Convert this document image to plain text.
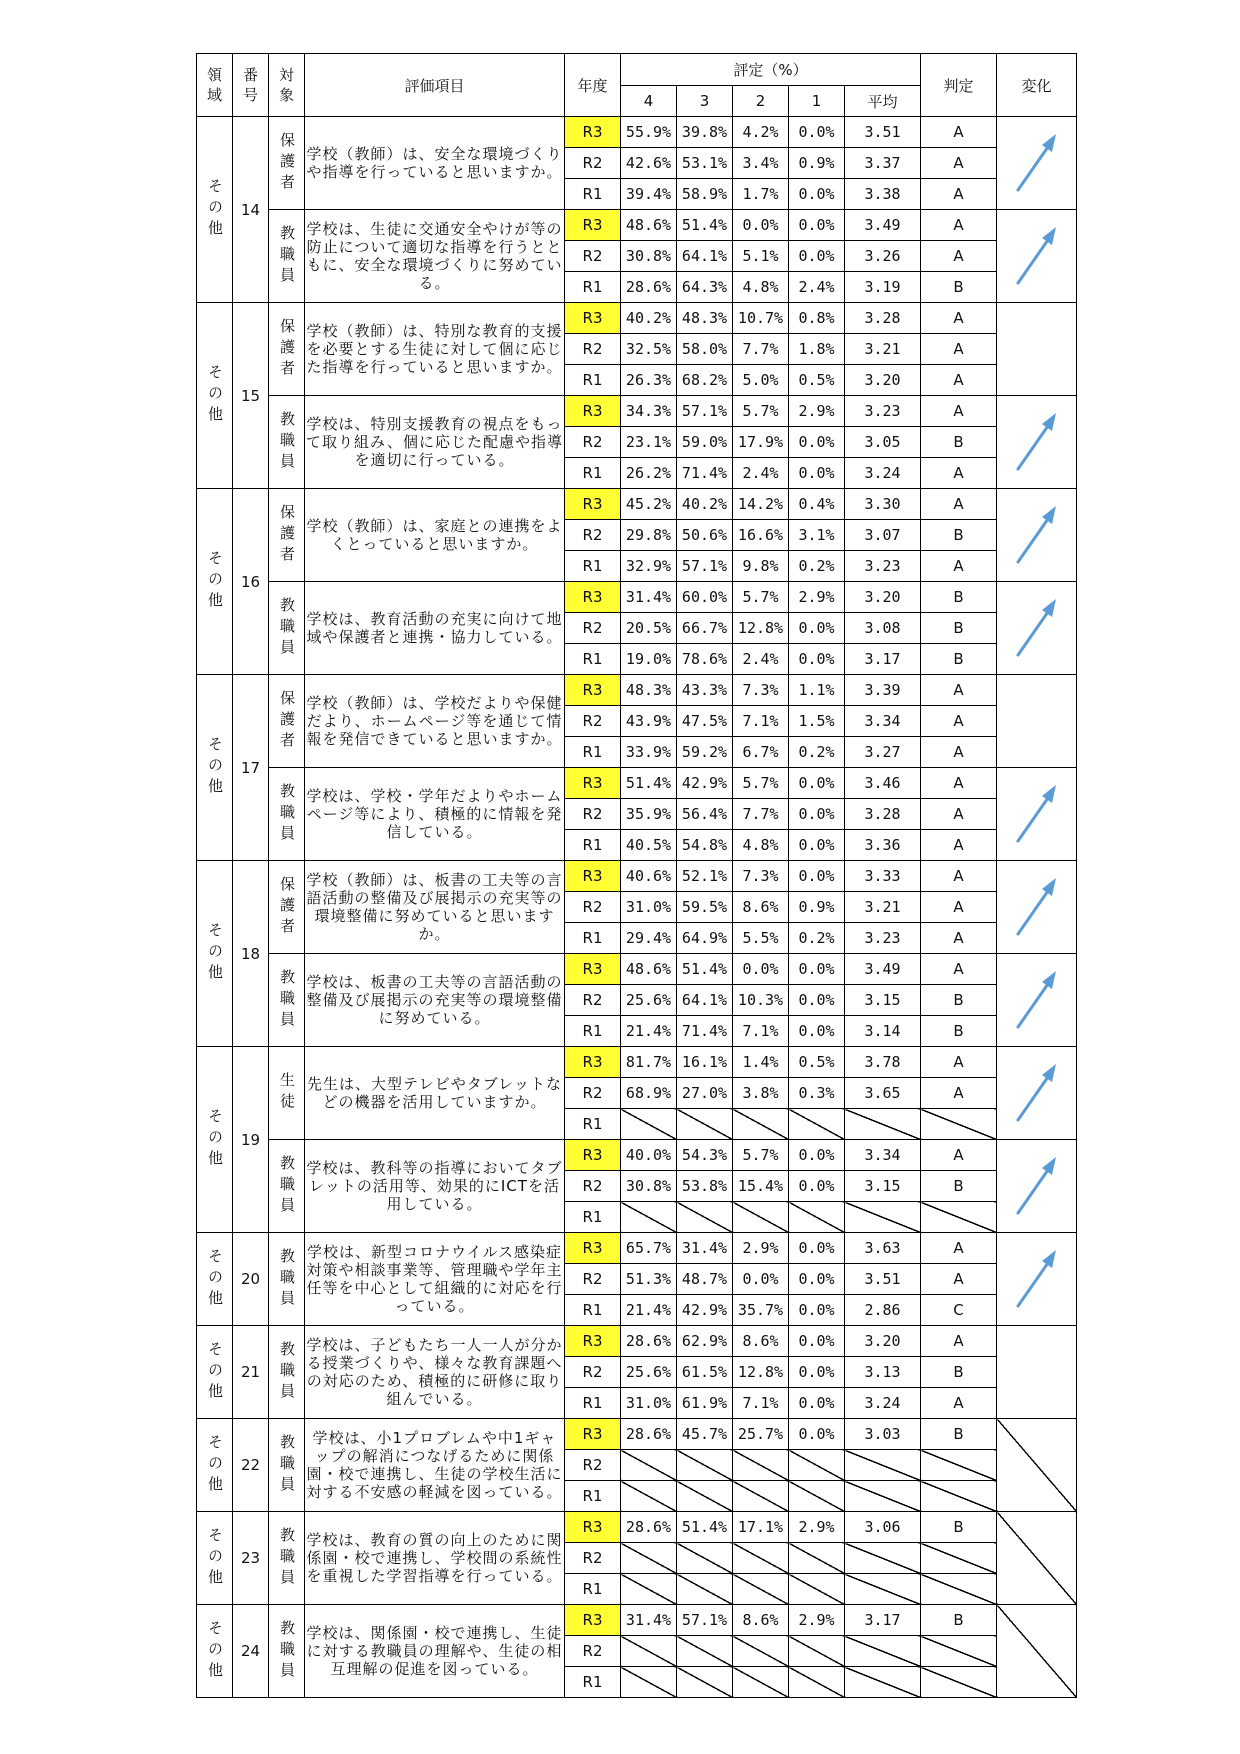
領域	番号	対象	評価項目	年度	評定（%）					判定	変化
					4	3	2	1	平均		
その他	14	保護者	学校（教師）は、安全な環境づくりや指導を行っていると思いますか。	R3	55.9%	39.8%	4.2%	0.0%	3.51	A	

				R2	42.6%	53.1%	3.4%	0.9%	3.37	A	
				R1	39.4%	58.9%	1.7%	0.0%	3.38	A	
		教職員	学校は、生徒に交通安全やけが等の防止について適切な指導を行うとともに、安全な環境づくりに努めている。	R3	48.6%	51.4%	0.0%	0.0%	3.49	A	

				R2	30.8%	64.1%	5.1%	0.0%	3.26	A	
				R1	28.6%	64.3%	4.8%	2.4%	3.19	B	
その他	15	保護者	学校（教師）は、特別な教育的支援を必要とする生徒に対して個に応じた指導を行っていると思いますか。	R3	40.2%	48.3%	10.7%	0.8%	3.28	A	
				R2	32.5%	58.0%	7.7%	1.8%	3.21	A	
				R1	26.3%	68.2%	5.0%	0.5%	3.20	A	
		教職員	学校は、特別支援教育の視点をもって取り組み、個に応じた配慮や指導を適切に行っている。	R3	34.3%	57.1%	5.7%	2.9%	3.23	A	

				R2	23.1%	59.0%	17.9%	0.0%	3.05	B	
				R1	26.2%	71.4%	2.4%	0.0%	3.24	A	
その他	16	保護者	学校（教師）は、家庭との連携をよくとっていると思いますか。	R3	45.2%	40.2%	14.2%	0.4%	3.30	A	

				R2	29.8%	50.6%	16.6%	3.1%	3.07	B	
				R1	32.9%	57.1%	9.8%	0.2%	3.23	A	
		教職員	学校は、教育活動の充実に向けて地域や保護者と連携・協力している。	R3	31.4%	60.0%	5.7%	2.9%	3.20	B	

				R2	20.5%	66.7%	12.8%	0.0%	3.08	B	
				R1	19.0%	78.6%	2.4%	0.0%	3.17	B	
その他	17	保護者	学校（教師）は、学校だよりや保健だより、ホームページ等を通じて情報を発信できていると思いますか。	R3	48.3%	43.3%	7.3%	1.1%	3.39	A	
				R2	43.9%	47.5%	7.1%	1.5%	3.34	A	
				R1	33.9%	59.2%	6.7%	0.2%	3.27	A	
		教職員	学校は、学校・学年だよりやホームページ等により、積極的に情報を発信している。	R3	51.4%	42.9%	5.7%	0.0%	3.46	A	

				R2	35.9%	56.4%	7.7%	0.0%	3.28	A	
				R1	40.5%	54.8%	4.8%	0.0%	3.36	A	
その他	18	保護者	学校（教師）は、板書の工夫等の言語活動の整備及び展掲示の充実等の環境整備に努めていると思いますか。	R3	40.6%	52.1%	7.3%	0.0%	3.33	A	

				R2	31.0%	59.5%	8.6%	0.9%	3.21	A	
				R1	29.4%	64.9%	5.5%	0.2%	3.23	A	
		教職員	学校は、板書の工夫等の言語活動の整備及び展掲示の充実等の環境整備に努めている。	R3	48.6%	51.4%	0.0%	0.0%	3.49	A	

				R2	25.6%	64.1%	10.3%	0.0%	3.15	B	
				R1	21.4%	71.4%	7.1%	0.0%	3.14	B	
その他	19	生徒	先生は、大型テレビやタブレットなどの機器を活用していますか。	R3	81.7%	16.1%	1.4%	0.5%	3.78	A	

				R2	68.9%	27.0%	3.8%	0.3%	3.65	A	
				R1							
		教職員	学校は、教科等の指導においてタブレットの活用等、効果的にICTを活用している。	R3	40.0%	54.3%	5.7%	0.0%	3.34	A	

				R2	30.8%	53.8%	15.4%	0.0%	3.15	B	
				R1							
その他	20	教職員	学校は、新型コロナウイルス感染症対策や相談事業等、管理職や学年主任等を中心として組織的に対応を行っている。	R3	65.7%	31.4%	2.9%	0.0%	3.63	A	

				R2	51.3%	48.7%	0.0%	0.0%	3.51	A	
				R1	21.4%	42.9%	35.7%	0.0%	2.86	C	
その他	21	教職員	学校は、子どもたち一人一人が分かる授業づくりや、様々な教育課題への対応のため、積極的に研修に取り組んでいる。	R3	28.6%	62.9%	8.6%	0.0%	3.20	A	
				R2	25.6%	61.5%	12.8%	0.0%	3.13	B	
				R1	31.0%	61.9%	7.1%	0.0%	3.24	A	
その他	22	教職員	学校は、小1プロブレムや中1ギャップの解消につなげるために関係園・校で連携し、生徒の学校生活に対する不安感の軽減を図っている。	R3	28.6%	45.7%	25.7%	0.0%	3.03	B	
				R2							
				R1							
その他	23	教職員	学校は、教育の質の向上のために関係園・校で連携し、学校間の系統性を重視した学習指導を行っている。	R3	28.6%	51.4%	17.1%	2.9%	3.06	B	
				R2							
				R1							
その他	24	教職員	学校は、関係園・校で連携し、生徒に対する教職員の理解や、生徒の相互理解の促進を図っている。	R3	31.4%	57.1%	8.6%	2.9%	3.17	B	
				R2							
				R1							
